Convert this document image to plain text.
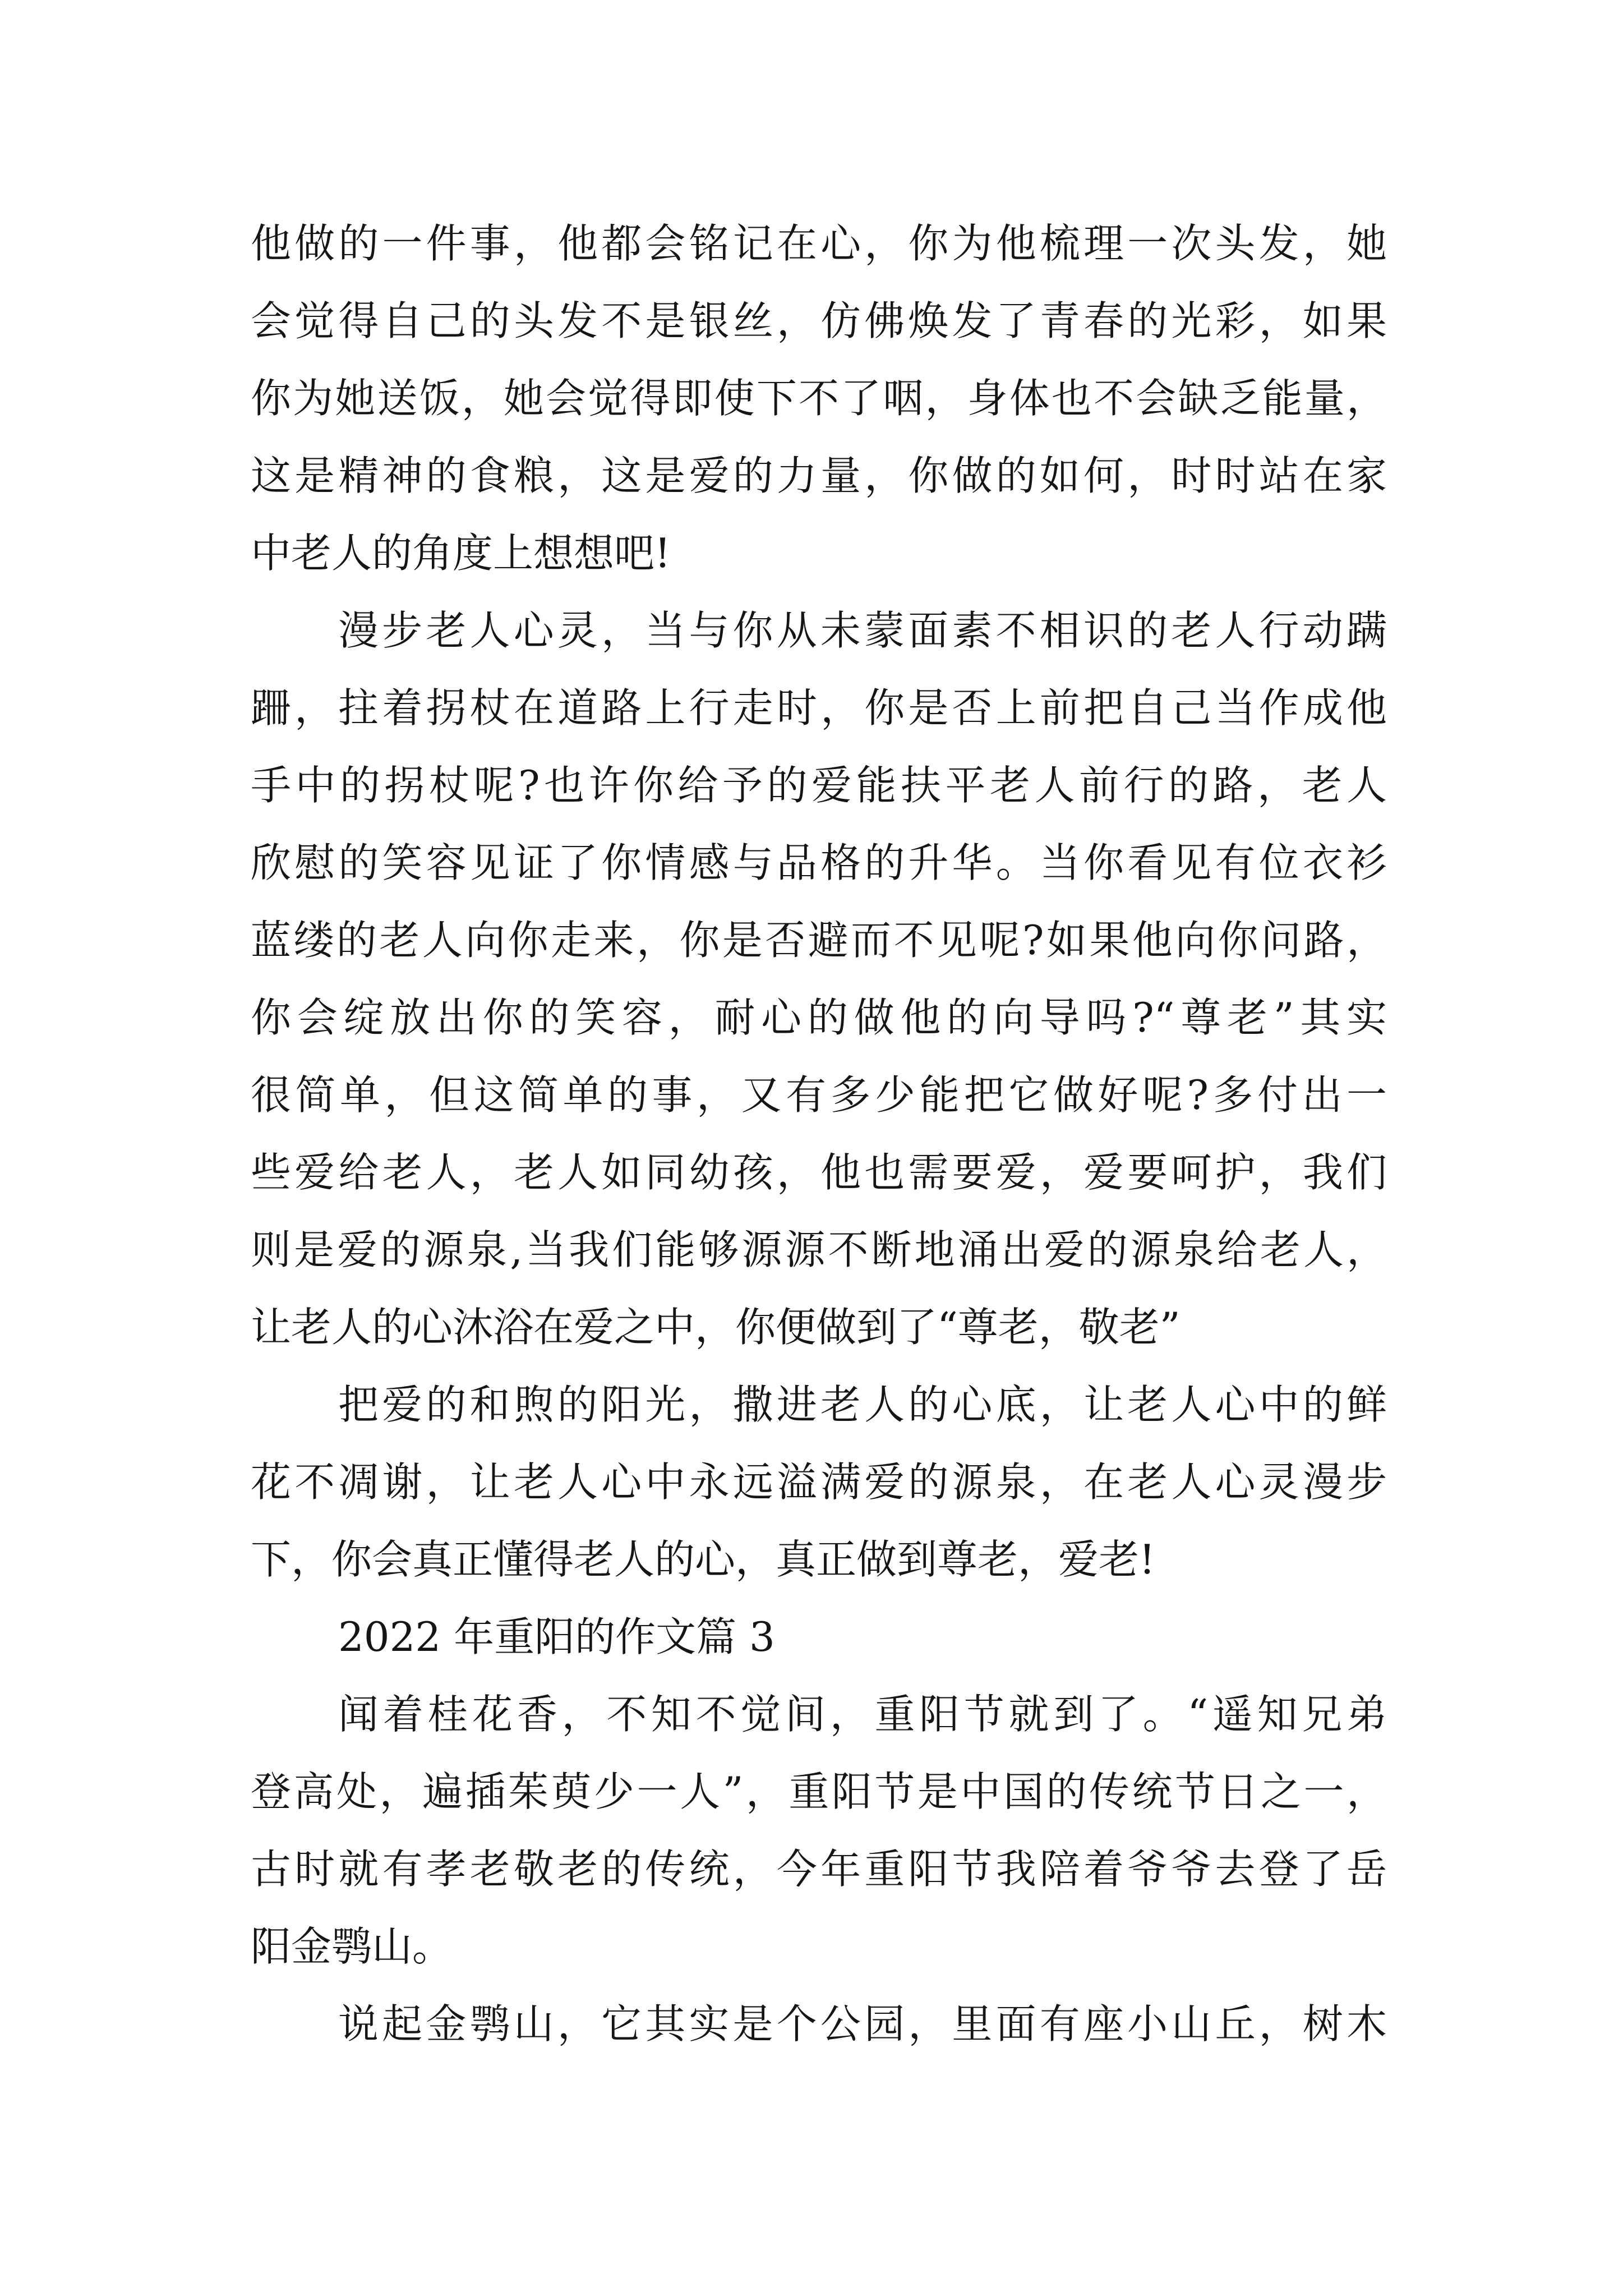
他做的一件事，他都会铭记在心，你为他梳理一次头发，她
会觉得自己的头发不是银丝，仿佛焕发了青春的光彩，如果
你为她送饭，她会觉得即使下不了咽，身体也不会缺乏能量，
这是精神的食粮，这是爱的力量，你做的如何，时时站在家
中老人的角度上想想吧!
漫步老人心灵，当与你从未蒙面素不相识的老人行动蹒
跚，拄着拐杖在道路上行走时，你是否上前把自己当作成他
手中的拐杖呢?也许你给予的爱能扶平老人前行的路，老人
欣慰的笑容见证了你情感与品格的升华。当你看见有位衣衫
蓝缕的老人向你走来，你是否避而不见呢?如果他向你问路，
你会绽放出你的笑容，耐心的做他的向导吗?“尊老”其实
很简单，但这简单的事，又有多少能把它做好呢?多付出一
些爱给老人，老人如同幼孩，他也需要爱，爱要呵护，我们
则是爱的源泉,当我们能够源源不断地涌出爱的源泉给老人，
让老人的心沐浴在爱之中，你便做到了“尊老，敬老”
把爱的和煦的阳光，撒进老人的心底，让老人心中的鲜
花不凋谢，让老人心中永远溢满爱的源泉，在老人心灵漫步
下，你会真正懂得老人的心，真正做到尊老，爱老!
2022 年重阳的作文篇 3
闻着桂花香，不知不觉间，重阳节就到了。“遥知兄弟
登高处，遍插茱萸少一人”，重阳节是中国的传统节日之一，
古时就有孝老敬老的传统，今年重阳节我陪着爷爷去登了岳
阳金鹗山。
说起金鹗山，它其实是个公园，里面有座小山丘，树木
